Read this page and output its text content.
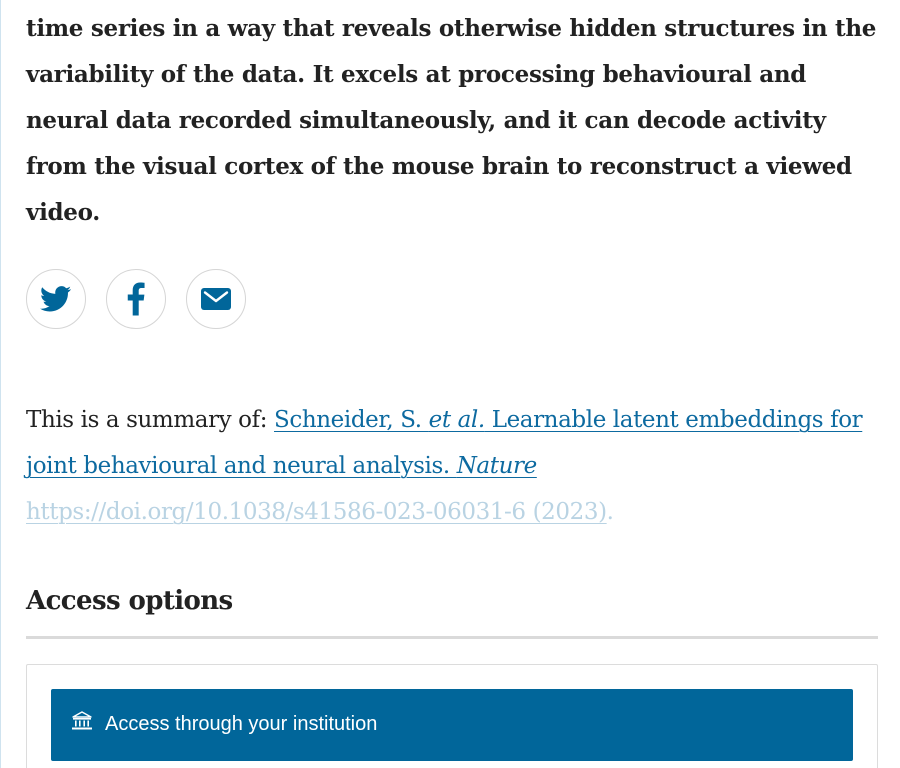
time series in a way that reveals otherwise hidden structures in the variability of the data. It excels at processing behavioural and neural data recorded simultaneously, and it can decode activity from the visual cortex of the mouse brain to reconstruct a viewed video.

This is a summary of: Schneider, S. et al. Learnable latent embeddings for joint behavioural and neural analysis. Nature
https://doi.org/10.1038/s41586-023-06031-6 (2023).

Access options
Access through your institution
